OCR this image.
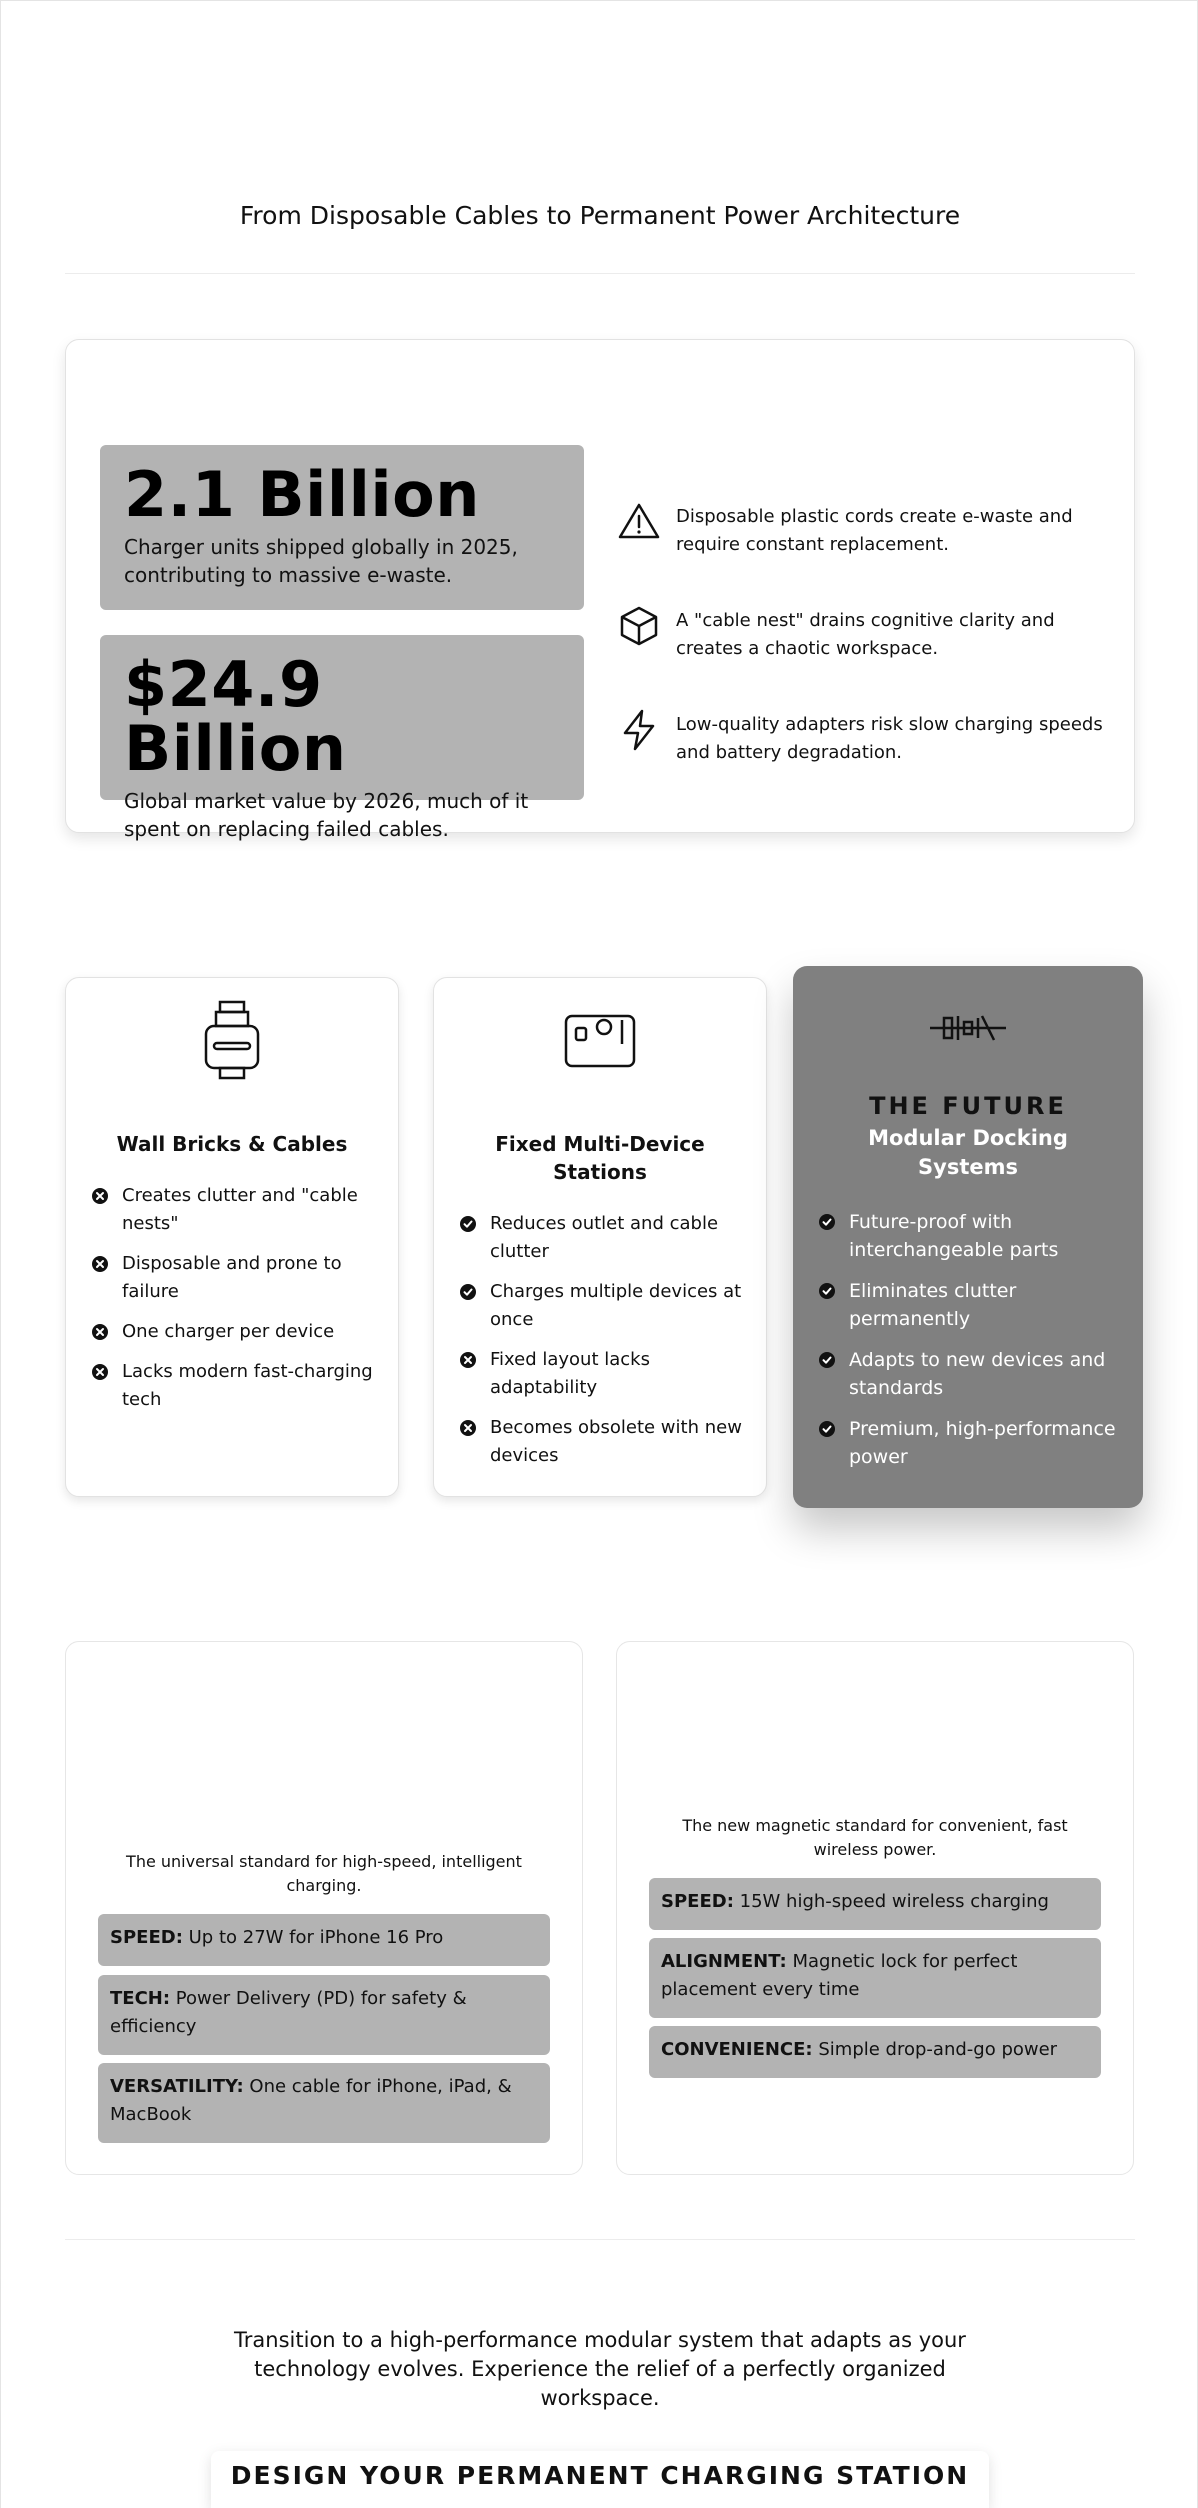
From Disposable Cables to Permanent Power Architecture
2.1 Billion
Charger units shipped globally in 2025, contributing to massive e-waste.
$24.9 Billion
Global market value by 2026, much of it spent on replacing failed cables.
Disposable plastic cords create e-waste and require constant replacement.
A "cable nest" drains cognitive clarity and creates a chaotic workspace.
Low-quality adapters risk slow charging speeds and battery degradation.
Wall Bricks & Cables
Creates clutter and "cable nests"
Disposable and prone to failure
One charger per device
Lacks modern fast-charging tech
Fixed Multi-Device Stations
Reduces outlet and cable clutter
Charges multiple devices at once
Fixed layout lacks adaptability
Becomes obsolete with new devices
THE FUTURE
Modular Docking Systems
Future-proof with interchangeable parts
Eliminates clutter permanently
Adapts to new devices and standards
Premium, high-performance power
The universal standard for high-speed, intelligent charging.
SPEED: Up to 27W for iPhone 16 Pro
TECH: Power Delivery (PD) for safety & efficiency
VERSATILITY: One cable for iPhone, iPad, & MacBook
The new magnetic standard for convenient, fast wireless power.
SPEED: 15W high-speed wireless charging
ALIGNMENT: Magnetic lock for perfect placement every time
CONVENIENCE: Simple drop-and-go power

Transition to a high-performance modular system that adapts as your technology evolves. Experience the relief of a perfectly organized workspace.

DESIGN YOUR PERMANENT CHARGING STATION
